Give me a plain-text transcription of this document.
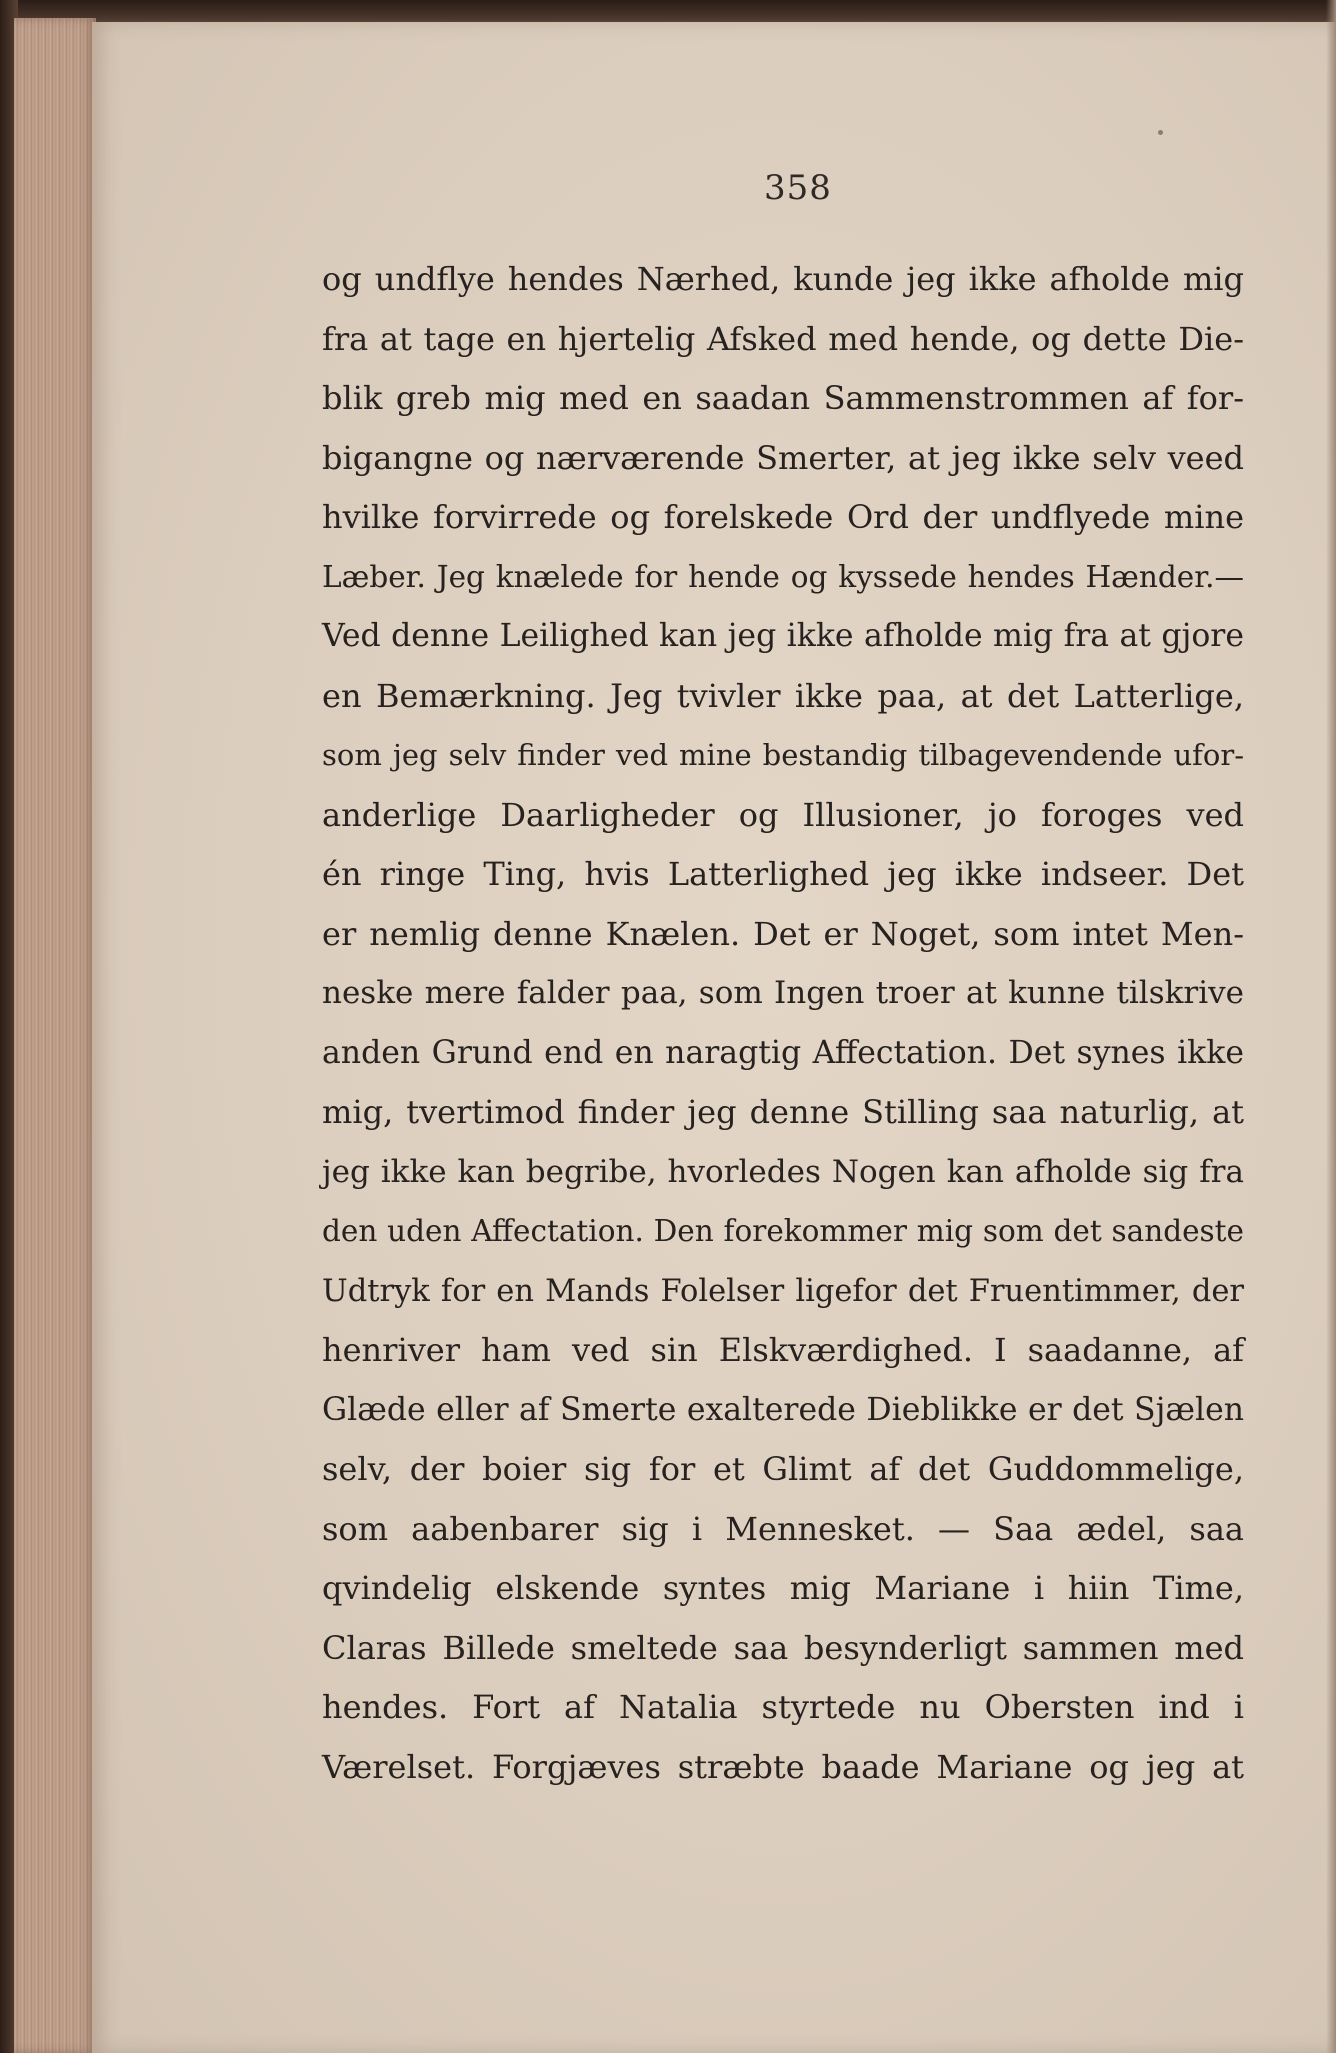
358
og undflye hendes Nærhed, kunde jeg ikke afholde mig
fra at tage en hjertelig Afsked med hende, og dette Die-
blik greb mig med en saadan Sammenstrommen af for-
bigangne og nærværende Smerter, at jeg ikke selv veed
hvilke forvirrede og forelskede Ord der undflyede mine
Læber. Jeg knælede for hende og kyssede hendes Hænder.—
Ved denne Leilighed kan jeg ikke afholde mig fra at gjore
en Bemærkning. Jeg tvivler ikke paa, at det Latterlige,
som jeg selv finder ved mine bestandig tilbagevendende ufor-
anderlige Daarligheder og Illusioner, jo foroges ved
én ringe Ting, hvis Latterlighed jeg ikke indseer. Det
er nemlig denne Knælen. Det er Noget, som intet Men-
neske mere falder paa, som Ingen troer at kunne tilskrive
anden Grund end en naragtig Affectation. Det synes ikke
mig, tvertimod finder jeg denne Stilling saa naturlig, at
jeg ikke kan begribe, hvorledes Nogen kan afholde sig fra
den uden Affectation. Den forekommer mig som det sandeste
Udtryk for en Mands Folelser ligefor det Fruentimmer, der
henriver ham ved sin Elskværdighed. I saadanne, af
Glæde eller af Smerte exalterede Dieblikke er det Sjælen
selv, der boier sig for et Glimt af det Guddommelige,
som aabenbarer sig i Mennesket. — Saa ædel, saa
qvindelig elskende syntes mig Mariane i hiin Time,
Claras Billede smeltede saa besynderligt sammen med
hendes. Fort af Natalia styrtede nu Obersten ind i
Værelset. Forgjæves stræbte baade Mariane og jeg at
